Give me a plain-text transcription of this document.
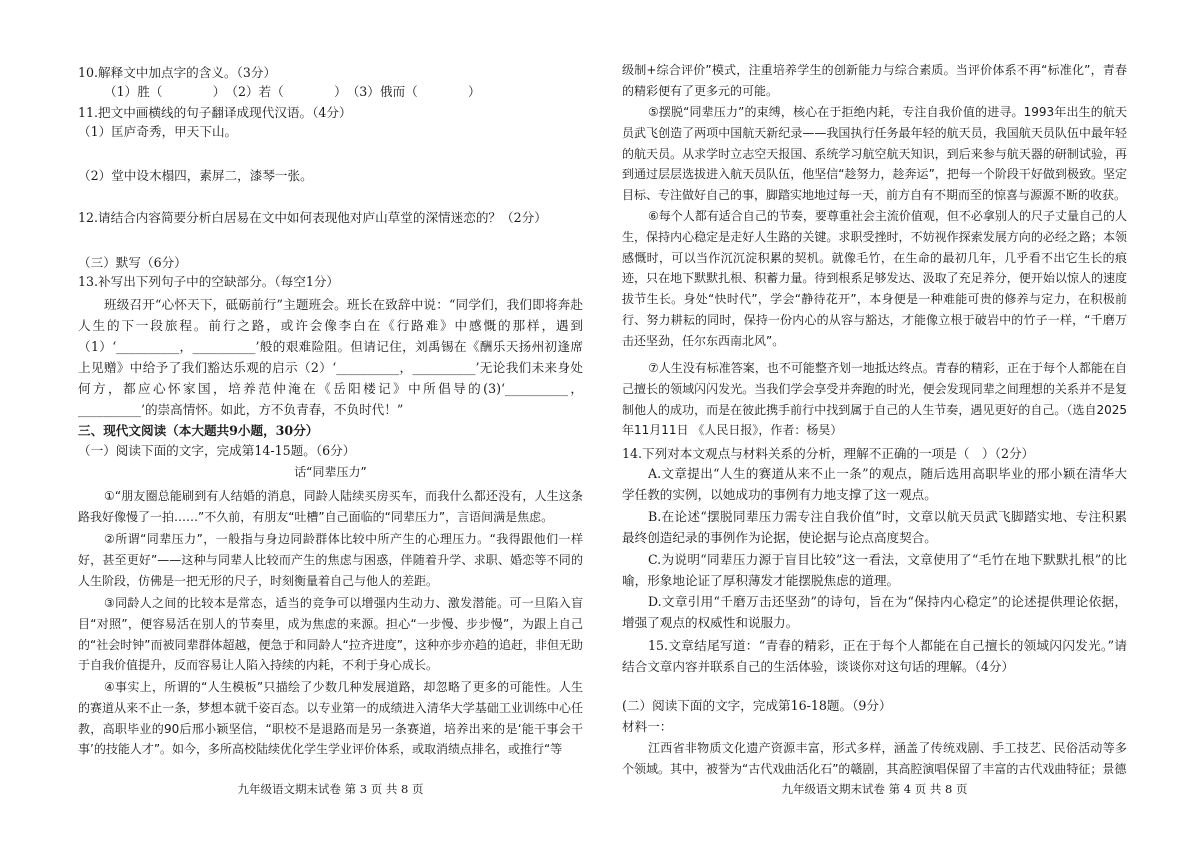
10.解释文中加点字的含义。（3分）
（1）胜（　　　　）　（2）若（　　　　）　（3）俄而（　　　　）
11.把文中画横线的句子翻译成现代汉语。（4分）
（1）匡庐奇秀，甲天下山。
（2）堂中设木榻四，素屏二，漆琴一张。
12.请结合内容简要分析白居易在文中如何表现他对庐山草堂的深情迷恋的？（2分）
（三）默写（6分）
13.补写出下列句子中的空缺部分。（每空1分）
班级召开“心怀天下，砥砺前行”主题班会。班长在致辞中说：“同学们，我们即将奔赴人生的下一段旅程。前行之路，或许会像李白在《行路难》中感慨的那样，遇到（1）‘__________，__________’般的艰难险阻。但请记住，刘禹锡在《酬乐天扬州初逢席上见赠》中给予了我们豁达乐观的启示（2）‘__________，__________’无论我们未来身处何方，都应心怀家国，培养范仲淹在《岳阳楼记》中所倡导的(3)‘__________，__________’的崇高情怀。如此，方不负青春，不负时代！”
三、现代文阅读（本大题共9小题，30分）
（一）阅读下面的文字，完成第14-15题。（6分）
话“同辈压力”
①“朋友圈总能刷到有人结婚的消息，同龄人陆续买房买车，而我什么都还没有，人生这条路我好像慢了一拍……”不久前，有朋友“吐槽”自己面临的“同辈压力”，言语间满是焦虑。
②所谓“同辈压力”，一般指与身边同龄群体比较中所产生的心理压力。“我得跟他们一样好，甚至更好”——这种与同辈人比较而产生的焦虑与困惑，伴随着升学、求职、婚恋等不同的人生阶段，仿佛是一把无形的尺子，时刻衡量着自己与他人的差距。
③同龄人之间的比较本是常态，适当的竞争可以增强内生动力、激发潜能。可一旦陷入盲目“对照”，便容易活在别人的节奏里，成为焦虑的来源。担心“一步慢、步步慢”，为跟上自己的“社会时钟”而被同辈群体超越，便急于和同龄人“拉齐进度”，这种亦步亦趋的追赶，非但无助于自我价值提升，反而容易让人陷入持续的内耗，不利于身心成长。
④事实上，所谓的“人生模板”只描绘了少数几种发展道路，却忽略了更多的可能性。人生的赛道从来不止一条，梦想本就千姿百态。以专业第一的成绩进入清华大学基础工业训练中心任教，高职毕业的90后邢小颖坚信，“职校不是退路而是另一条赛道，培养出来的是‘能干事会干事’的技能人才”。如今，多所高校陆续优化学生学业评价体系，或取消绩点排名，或推行“等
九年级语文期末试卷 第 3 页 共 8 页
级制+综合评价”模式，注重培养学生的创新能力与综合素质。当评价体系不再“标准化”，青春的精彩便有了更多元的可能。
⑤摆脱“同辈压力”的束缚，核心在于拒绝内耗，专注自我价值的进寻。1993年出生的航天员武飞创造了两项中国航天新纪录——我国执行任务最年轻的航天员，我国航天员队伍中最年轻的航天员。从求学时立志空天报国、系统学习航空航天知识，到后来参与航天器的研制试验，再到通过层层选拔进入航天员队伍，他坚信“趁努力，趁奔运”，把每一个阶段干好做到极致。坚定目标、专注做好自己的事，脚踏实地地过每一天，前方自有不期而至的惊喜与源源不断的收获。
⑥每个人都有适合自己的节奏，要尊重社会主流价值观，但不必拿别人的尺子丈量自己的人生，保持内心稳定是走好人生路的关键。求职受挫时，不妨视作探索发展方向的必经之路；本领感慨时，可以当作沉沉淀积累的契机。就像毛竹，在生命的最初几年，几乎看不出它生长的痕迹，只在地下默默扎根、积蓄力量。待到根系足够发达、汲取了充足养分，便开始以惊人的速度拔节生长。身处“快时代”，学会“静待花开”，本身便是一种难能可贵的修养与定力，在积极前行、努力耕耘的同时，保持一份内心的从容与豁达，才能像立根于破岩中的竹子一样，“千磨万击还坚劲，任尔东西南北风”。
⑦人生没有标准答案，也不可能整齐划一地抵达终点。青春的精彩，正在于每个人都能在自己擅长的领域闪闪发光。当我们学会享受并奔跑的时光，便会发现同辈之间理想的关系并不是复制他人的成功，而是在彼此携手前行中找到属于自己的人生节奏，遇见更好的自己。（选自2025年11月11日 《人民日报》，作者：杨昊）
14.下列对本文观点与材料关系的分析，理解不正确的一项是（　）（2分）
A.文章提出“人生的赛道从来不止一条”的观点，随后选用高职毕业的邢小颖在清华大学任教的实例，以她成功的事例有力地支撑了这一观点。
B.在论述“摆脱同辈压力需专注自我价值”时，文章以航天员武飞脚踏实地、专注积累最终创造纪录的事例作为论据，使论据与论点高度契合。
C.为说明“同辈压力源于盲目比较”这一看法，文章使用了“毛竹在地下默默扎根”的比喻，形象地论证了厚积薄发才能摆脱焦虑的道理。
D.文章引用“千磨万击还坚劲”的诗句，旨在为“保持内心稳定”的论述提供理论依据，增强了观点的权威性和说服力。
15.文章结尾写道：“青春的精彩，正在于每个人都能在自己擅长的领域闪闪发光。”请结合文章内容并联系自己的生活体验，谈谈你对这句话的理解。（4分）
(二）阅读下面的文字，完成第16-18题。（9分）
材料一：
江西省非物质文化遗产资源丰富，形式多样，涵盖了传统戏剧、手工技艺、民俗活动等多个领域。其中，被誉为“古代戏曲活化石”的赣剧，其高腔演唱保留了丰富的古代戏曲特征；景德
九年级语文期末试卷 第 4 页 共 8 页
